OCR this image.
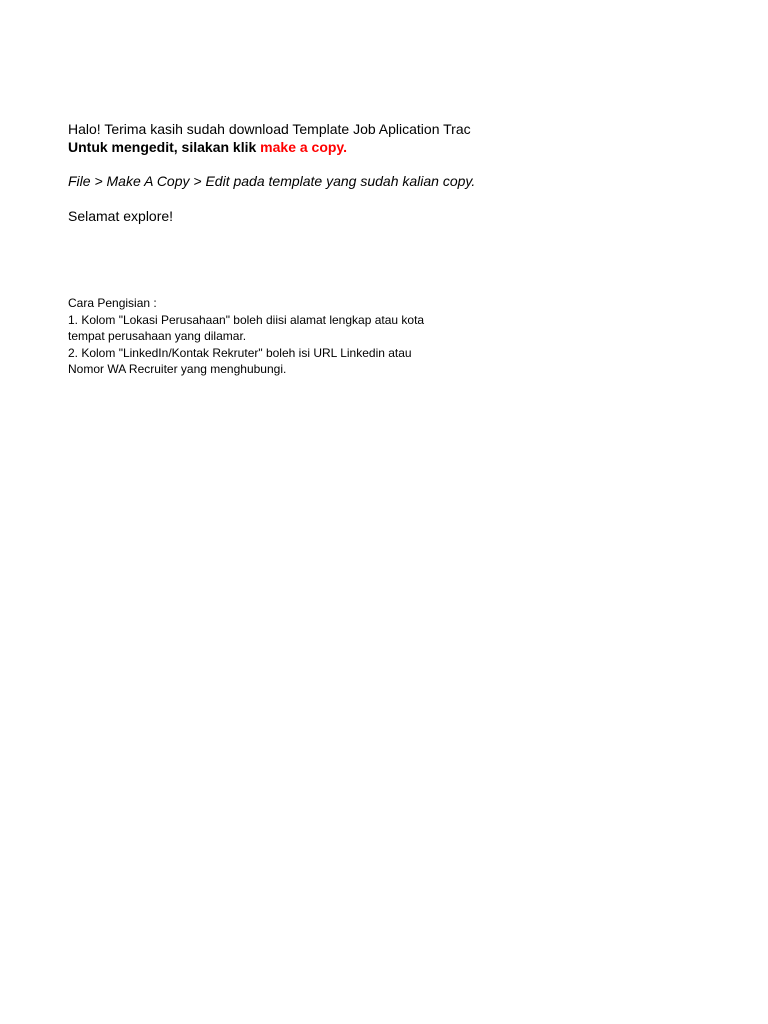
Halo! Terima kasih sudah download Template Job Aplication Trac
Untuk mengedit, silakan klik make a copy.
File > Make A Copy > Edit pada template yang sudah kalian copy.
Selamat explore!
Cara Pengisian :
1. Kolom "Lokasi Perusahaan" boleh diisi alamat lengkap atau kota
tempat perusahaan yang dilamar.
2. Kolom "LinkedIn/Kontak Rekruter" boleh isi URL Linkedin atau
Nomor WA Recruiter yang menghubungi.
